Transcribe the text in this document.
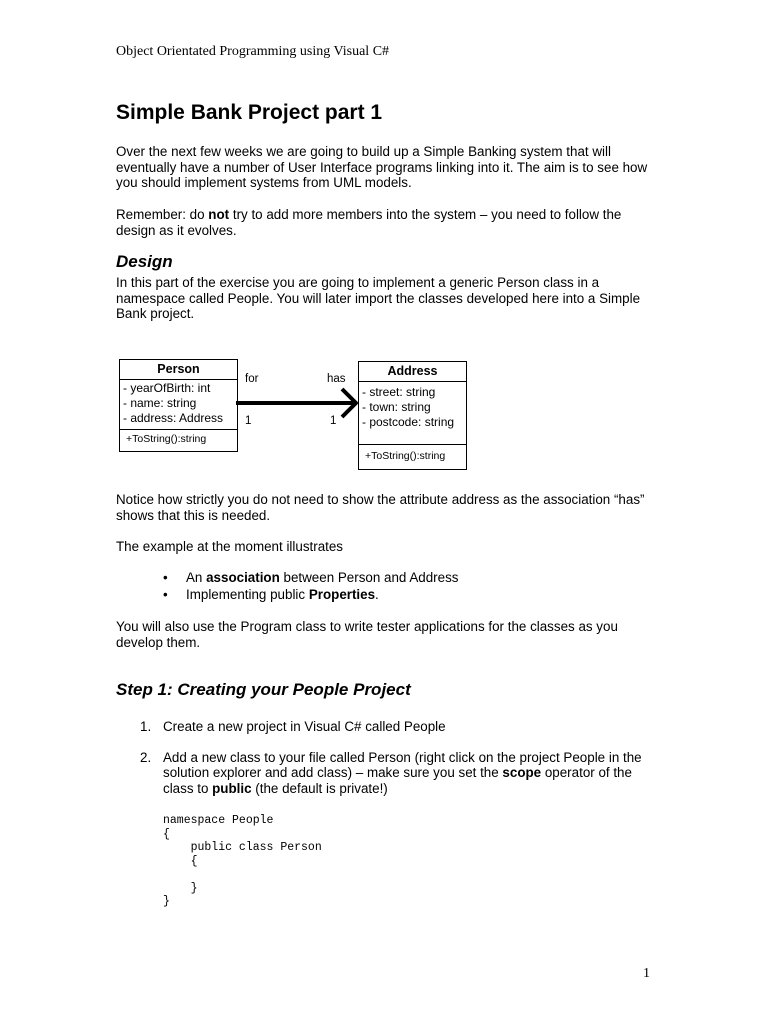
Object Orientated Programming using Visual C#
Simple Bank Project part 1
Over the next few weeks we are going to build up a Simple Banking system that will eventually have a number of User Interface programs linking into it. The aim is to see how you should implement systems from UML models.
Remember: do not try to add more members into the system – you need to follow the design as it evolves.
Design
In this part of the exercise you are going to implement a generic Person class in a namespace called People. You will later import the classes developed here into a Simple Bank project.
Person
- yearOfBirth: int
- name: string
- address: Address
+ToString():string
Address
- street: string
- town: string
- postcode: string
+ToString():string
for	has
1	1
Notice how strictly you do not need to show the attribute address as the association “has” shows that this is needed.
The example at the moment illustrates
• An association between Person and Address
• Implementing public Properties.
You will also use the Program class to write tester applications for the classes as you develop them.
Step 1: Creating your People Project
1. Create a new project in Visual C# called People
2. Add a new class to your file called Person (right click on the project People in the solution explorer and add class) – make sure you set the scope operator of the class to public (the default is private!)
namespace People
{
public class Person
{

}
}
1
